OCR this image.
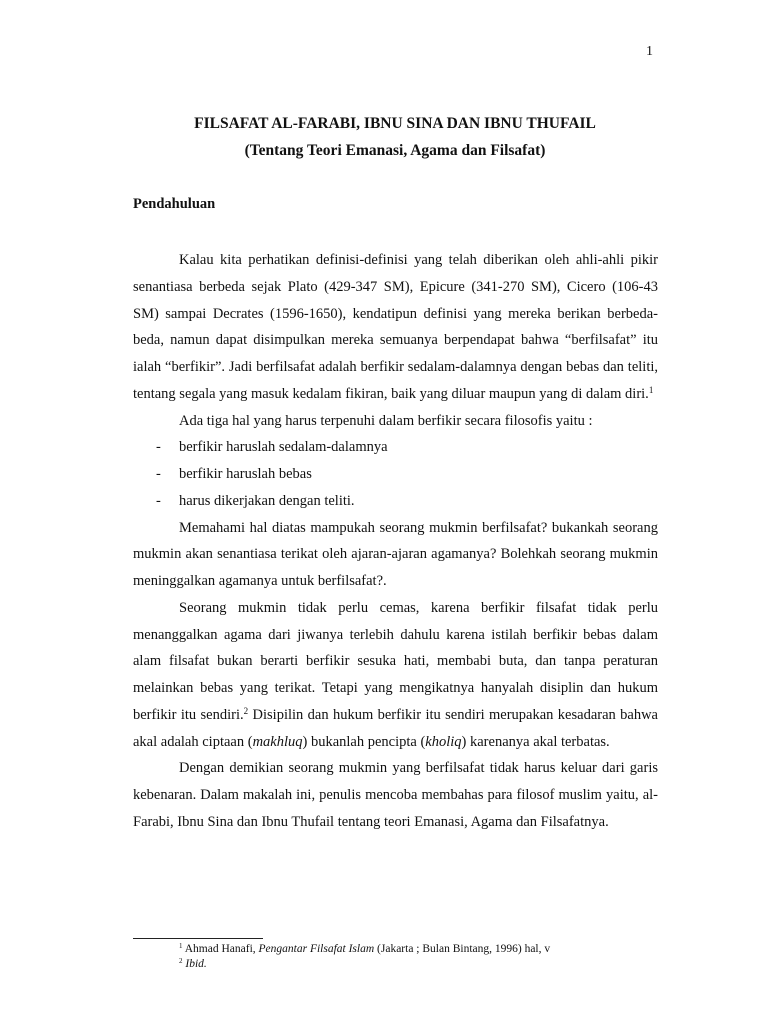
1
FILSAFAT AL-FARABI, IBNU SINA DAN IBNU THUFAIL
(Tentang Teori Emanasi, Agama dan Filsafat)
Pendahuluan

Kalau kita perhatikan definisi-definisi yang telah diberikan oleh ahli-ahli pikir senantiasa berbeda sejak Plato (429-347 SM), Epicure (341-270 SM), Cicero (106-43 SM) sampai Decrates (1596-1650), kendatipun definisi yang mereka berikan berbeda-beda, namun dapat disimpulkan mereka semuanya berpendapat bahwa “berfilsafat” itu ialah “berfikir”. Jadi berfilsafat adalah berfikir sedalam-dalamnya dengan bebas dan teliti, tentang segala yang masuk kedalam fikiran, baik yang diluar maupun yang di dalam diri.$^1$

Ada tiga hal yang harus terpenuhi dalam berfikir secara filosofis yaitu :

-	berfikir haruslah sedalam-dalamnya
-	berfikir haruslah bebas
-	harus dikerjakan dengan teliti.

Memahami hal diatas mampukah seorang mukmin berfilsafat? bukankah seorang mukmin akan senantiasa terikat oleh ajaran-ajaran agamanya? Bolehkah seorang mukmin meninggalkan agamanya untuk berfilsafat?.

Seorang mukmin tidak perlu cemas, karena berfikir filsafat tidak perlu menanggalkan agama dari jiwanya terlebih dahulu karena istilah berfikir bebas dalam alam filsafat bukan berarti berfikir sesuka hati, membabi buta, dan tanpa peraturan melainkan bebas yang terikat. Tetapi yang mengikatnya hanyalah disiplin dan hukum berfikir itu sendiri.$^2$ Disipilin dan hukum berfikir itu sendiri merupakan kesadaran bahwa akal adalah ciptaan (makhluq) bukanlah pencipta (kholiq) karenanya akal terbatas.

Dengan demikian seorang mukmin yang berfilsafat tidak harus keluar dari garis kebenaran. Dalam makalah ini, penulis mencoba membahas para filosof muslim yaitu, al-Farabi, Ibnu Sina dan Ibnu Thufail tentang teori Emanasi, Agama dan Filsafatnya.

$^1$ Ahmad Hanafi, Pengantar Filsafat Islam (Jakarta ; Bulan Bintang, 1996) hal, v
$^2$ Ibid.
